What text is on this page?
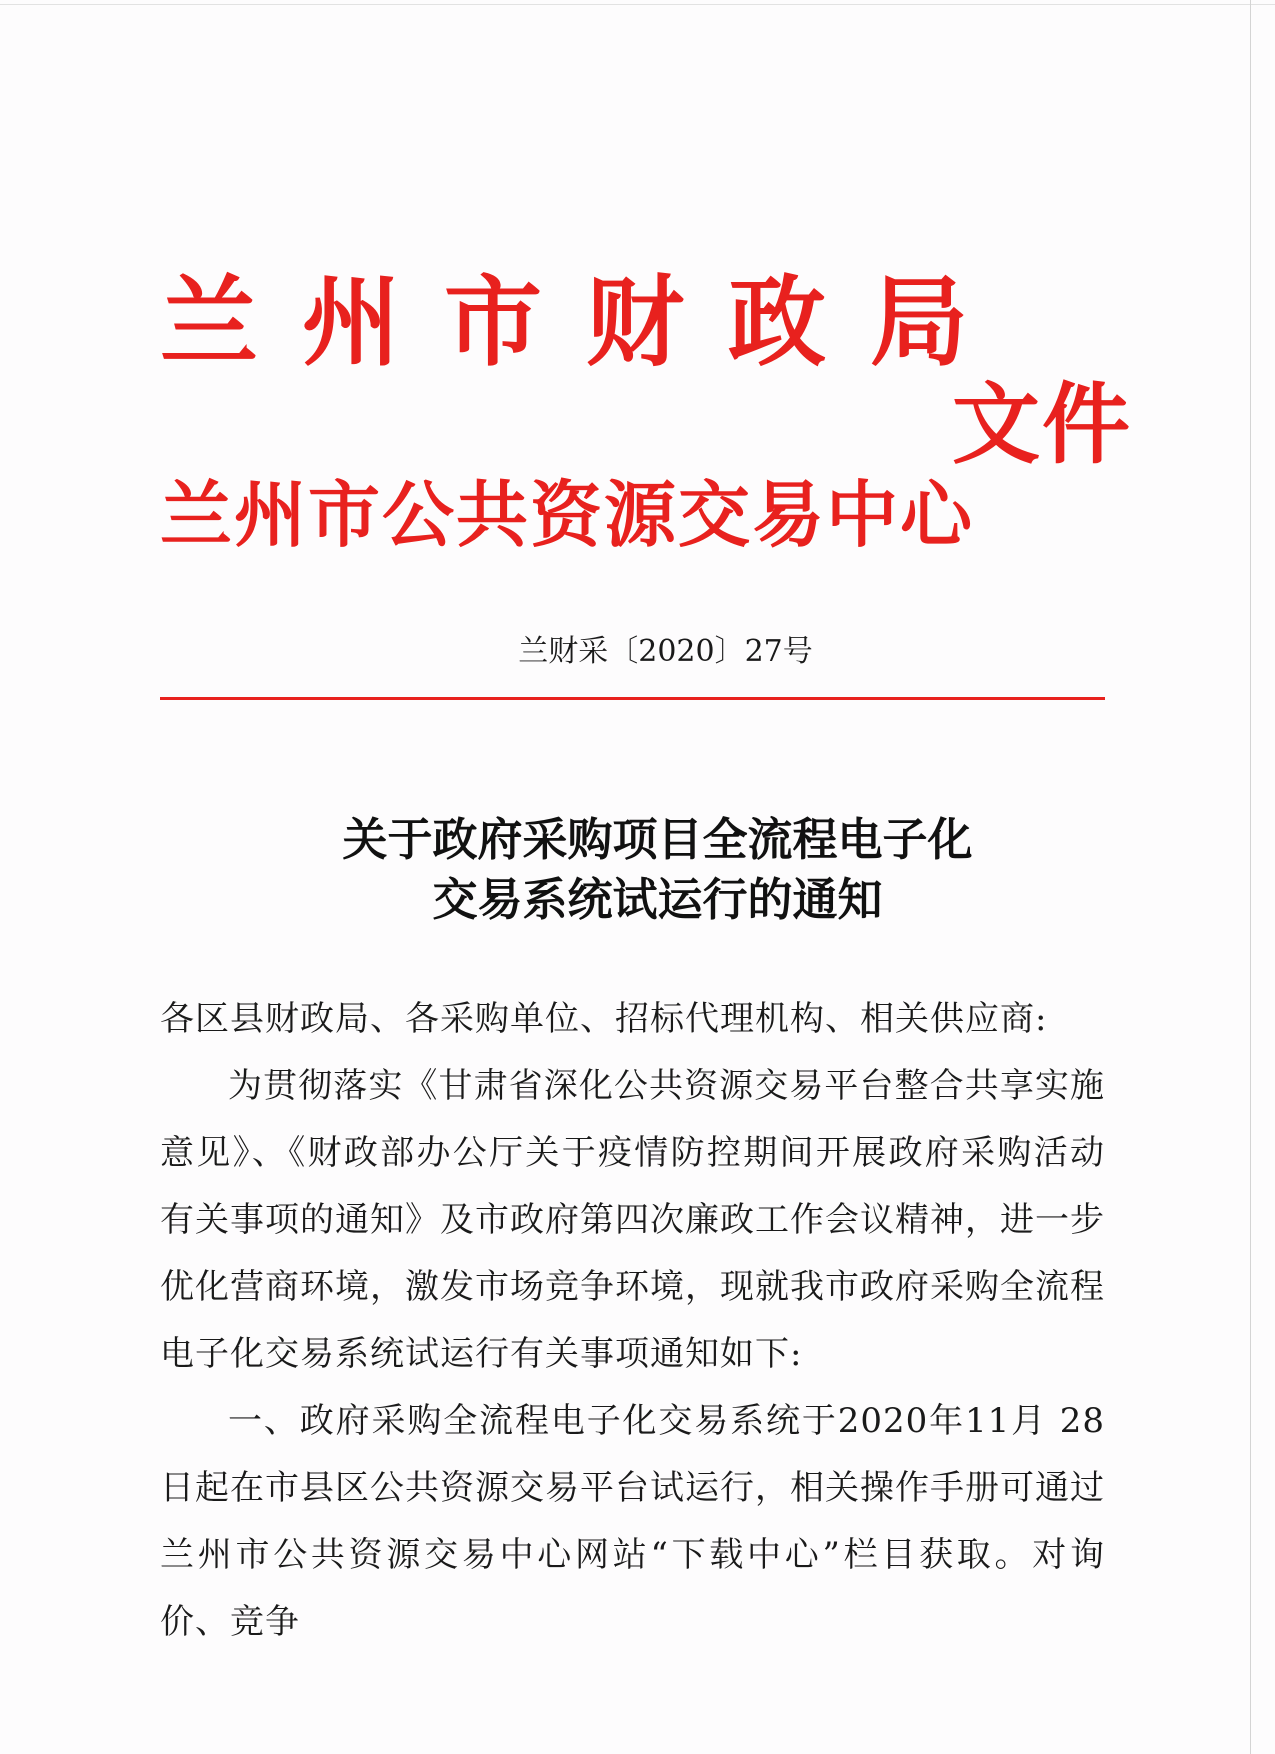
兰州市财政局
文件
兰州市公共资源交易中心
兰财采〔2020〕27号
关于政府采购项目全流程电子化
交易系统试运行的通知
各区县财政局、各采购单位、招标代理机构、相关供应商:
为贯彻落实《甘肃省深化公共资源交易平台整合共享实施意见》、《财政部办公厅关于疫情防控期间开展政府采购活动有关事项的通知》及市政府第四次廉政工作会议精神，进一步优化营商环境，激发市场竞争环境，现就我市政府采购全流程电子化交易系统试运行有关事项通知如下:
一、政府采购全流程电子化交易系统于2020年11月 28日起在市县区公共资源交易平台试运行，相关操作手册可通过兰州市公共资源交易中心网站“下载中心”栏目获取。对询价、竞争
